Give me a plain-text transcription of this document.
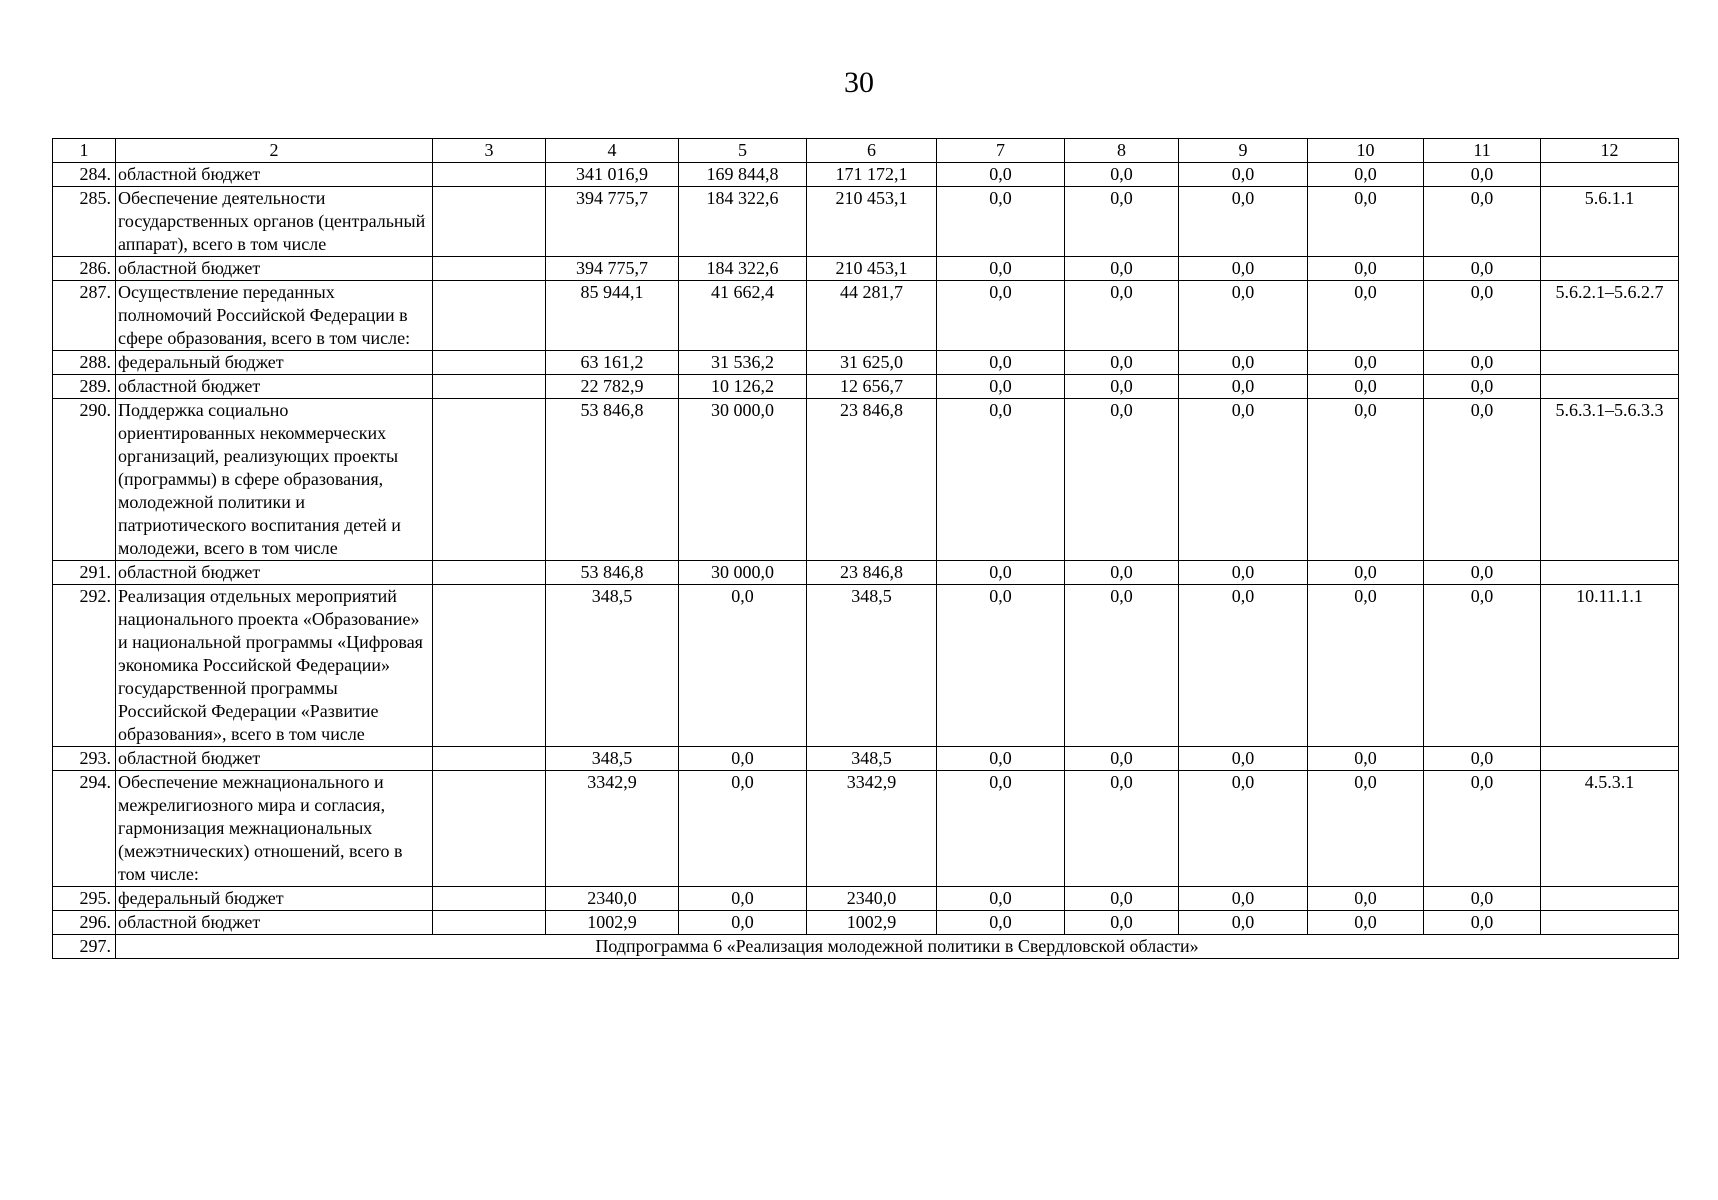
30
1	2	3	4	5	6	7	8	9	10	11	12
284.	областной бюджет		341 016,9	169 844,8	171 172,1	0,0	0,0	0,0	0,0	0,0	
285.	Обеспечение деятельности государственных органов (центральный аппарат), всего в том числе		394 775,7	184 322,6	210 453,1	0,0	0,0	0,0	0,0	0,0	5.6.1.1
286.	областной бюджет		394 775,7	184 322,6	210 453,1	0,0	0,0	0,0	0,0	0,0	
287.	Осуществление переданных полномочий Российской Федерации в сфере образования, всего в том числе:		85 944,1	41 662,4	44 281,7	0,0	0,0	0,0	0,0	0,0	5.6.2.1–5.6.2.7
288.	федеральный бюджет		63 161,2	31 536,2	31 625,0	0,0	0,0	0,0	0,0	0,0	
289.	областной бюджет		22 782,9	10 126,2	12 656,7	0,0	0,0	0,0	0,0	0,0	
290.	Поддержка социально ориентированных некоммерческих организаций, реализующих проекты (программы) в сфере образования, молодежной политики и патриотического воспитания детей и молодежи, всего в том числе		53 846,8	30 000,0	23 846,8	0,0	0,0	0,0	0,0	0,0	5.6.3.1–5.6.3.3
291.	областной бюджет		53 846,8	30 000,0	23 846,8	0,0	0,0	0,0	0,0	0,0	
292.	Реализация отдельных мероприятий национального проекта «Образование» и национальной программы «Цифровая экономика Российской Федерации» государственной программы Российской Федерации «Развитие образования», всего в том числе		348,5	0,0	348,5	0,0	0,0	0,0	0,0	0,0	10.11.1.1
293.	областной бюджет		348,5	0,0	348,5	0,0	0,0	0,0	0,0	0,0	
294.	Обеспечение межнационального и межрелигиозного мира и согласия, гармонизация межнациональных (межэтнических) отношений, всего в том числе:		3342,9	0,0	3342,9	0,0	0,0	0,0	0,0	0,0	4.5.3.1
295.	федеральный бюджет		2340,0	0,0	2340,0	0,0	0,0	0,0	0,0	0,0	
296.	областной бюджет		1002,9	0,0	1002,9	0,0	0,0	0,0	0,0	0,0	
297.	Подпрограмма 6 «Реализация молодежной политики в Свердловской области»										
